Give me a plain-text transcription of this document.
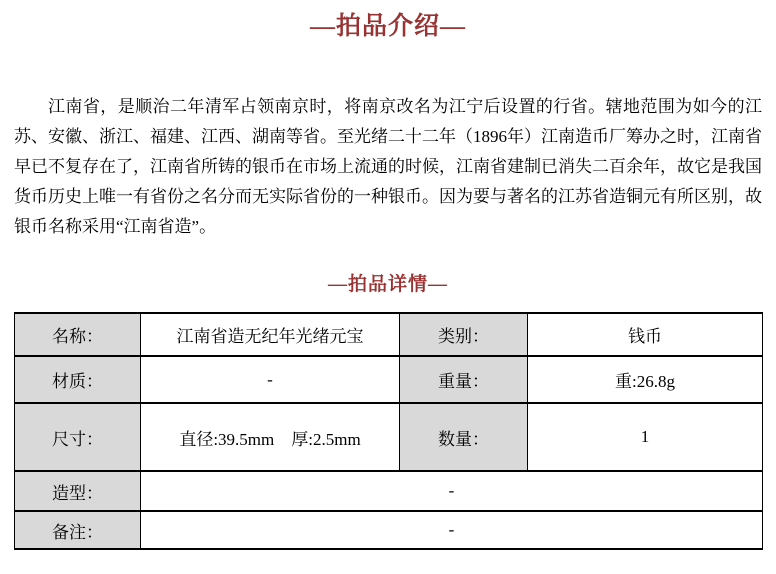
—拍品介绍—

江南省，是顺治二年清军占领南京时，将南京改名为江宁后设置的行省。辖地范围为如今的江苏、安徽、浙江、福建、江西、湖南等省。至光绪二十二年（1896年）江南造币厂筹办之时，江南省早已不复存在了，江南省所铸的银币在市场上流通的时候，江南省建制已消失二百余年，故它是我国货币历史上唯一有省份之名分而无实际省份的一种银币。因为要与著名的江苏省造铜元有所区别，故银币名称采用“江南省造”。

—拍品详情—
名称：	江南省造无纪年光绪元宝	类别：	钱币
材质：	-	重量：	重:26.8g
尺寸：	直径:39.5mm　厚:2.5mm	数量：	1
造型：	-		
备注：	-		
